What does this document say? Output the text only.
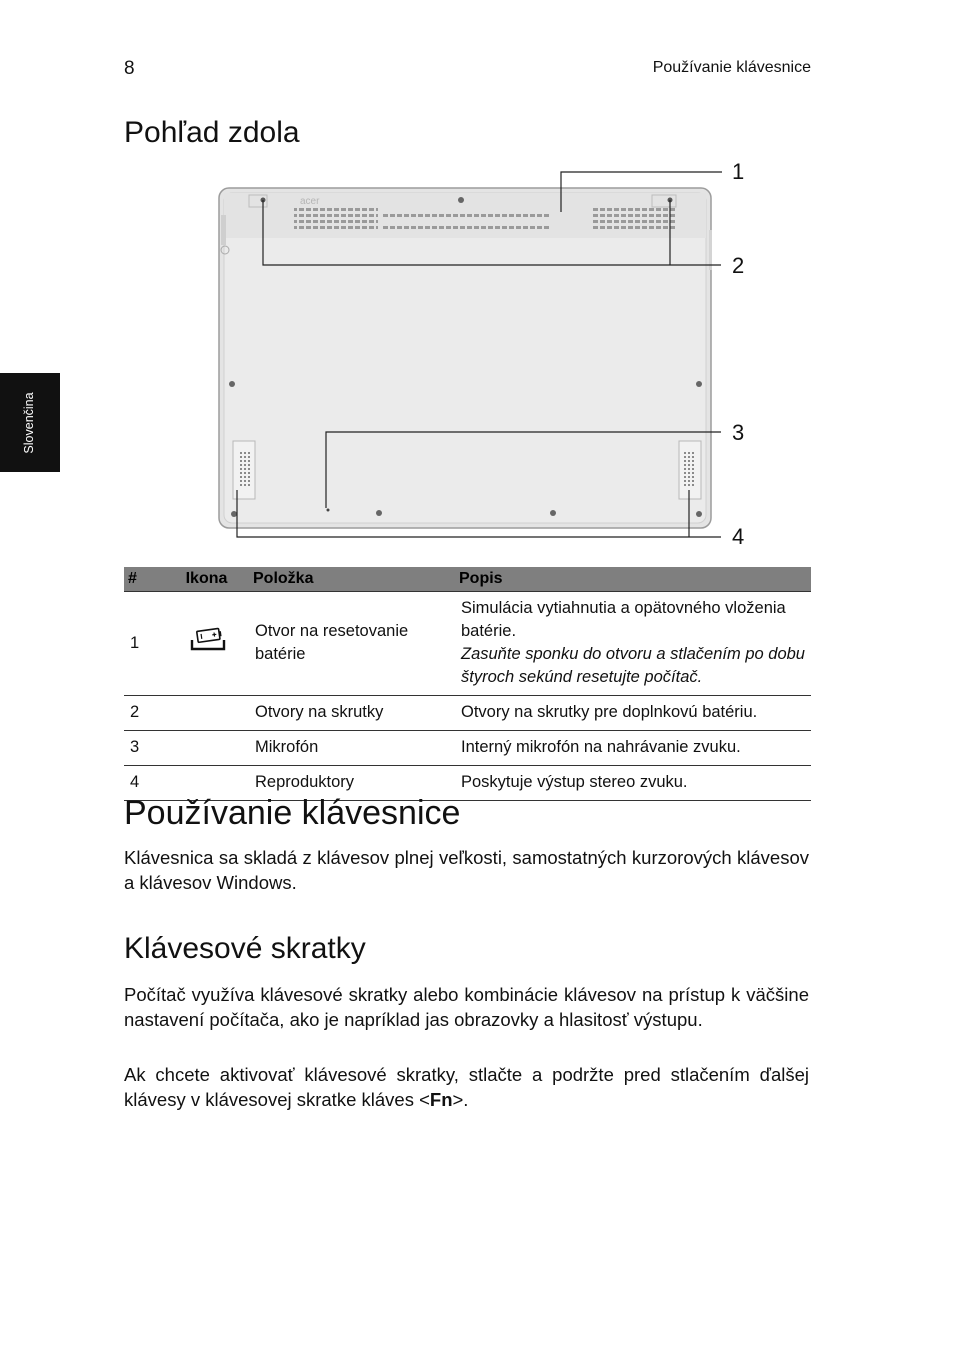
8	Používanie klávesnice
Slovenčina
Pohľad zdola
acer
1
2
3
4
#	Ikona	Položka	Popis
1		Otvor na resetovanie batérie	Simulácia vytiahnutia a opätovného vloženia batérie.
Zasuňte sponku do otvoru a stlačením po dobu štyroch sekúnd resetujte počítač.

2		Otvory na skrutky	Otvory na skrutky pre doplnkovú batériu.
3		Mikrofón	Interný mikrofón na nahrávanie zvuku.
4		Reproduktory	Poskytuje výstup stereo zvuku.
Používanie klávesnice

Klávesnica sa skladá z klávesov plnej veľkosti, samostatných kurzorových klávesov a klávesov Windows.

Klávesové skratky

Počítač využíva klávesové skratky alebo kombinácie klávesov na prístup k väčšine nastavení počítača, ako je napríklad jas obrazovky a hlasitosť výstupu.

Ak chcete aktivovať klávesové skratky, stlačte a podržte pred stlačením ďalšej klávesy v klávesovej skratke kláves <Fn>.
